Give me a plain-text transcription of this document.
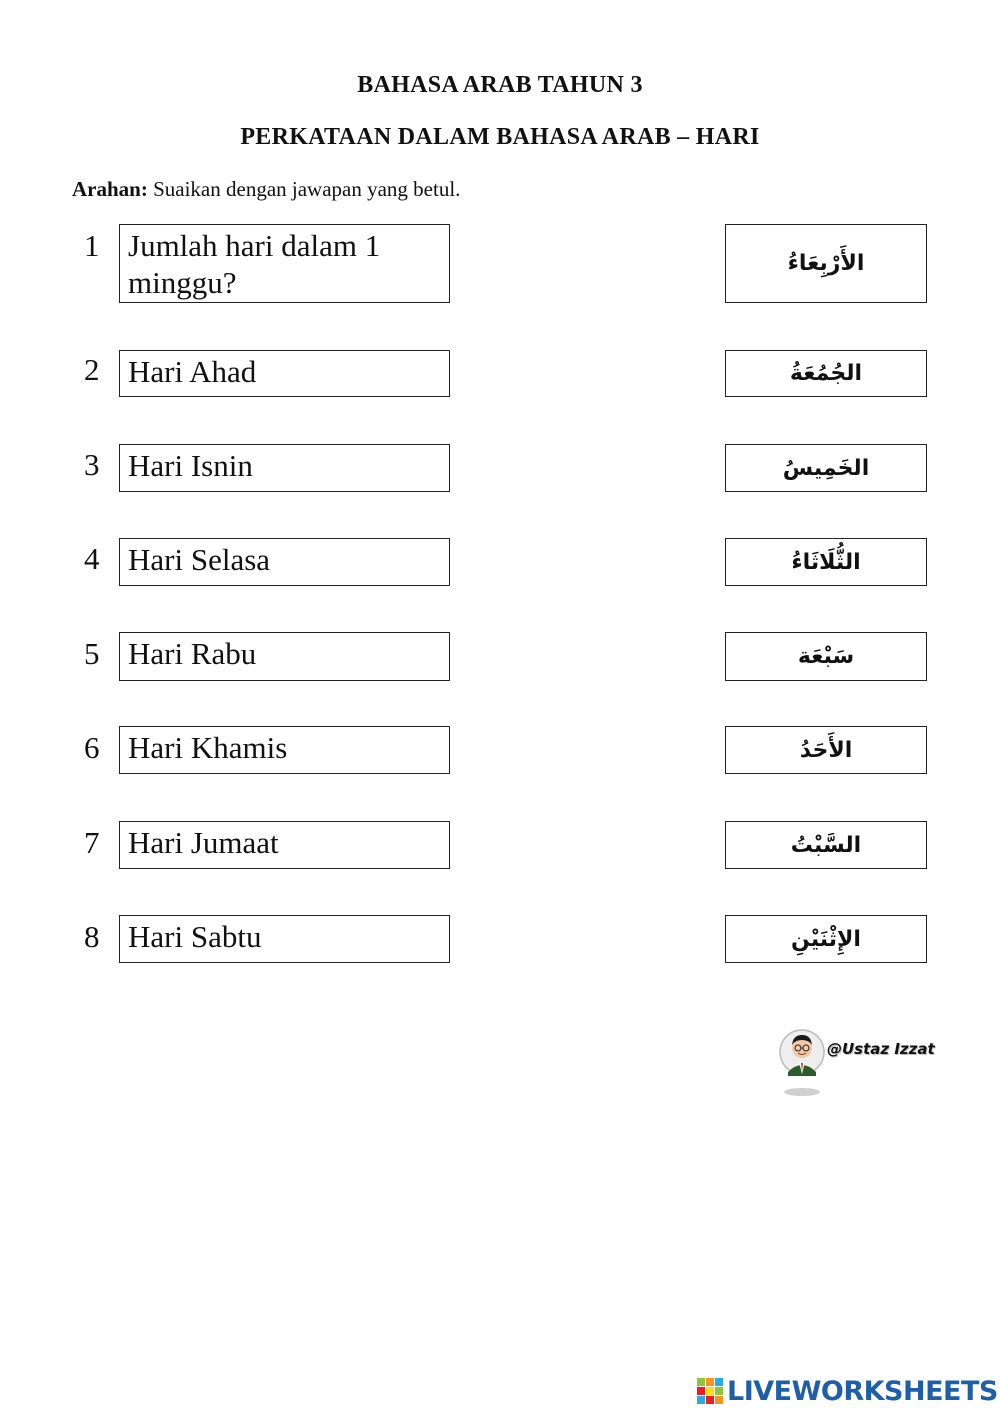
BAHASA ARAB TAHUN 3
PERKATAAN DALAM BAHASA ARAB – HARI
Arahan: Suaikan dengan jawapan yang betul.
1 Jumlah hari dalam 1 minggu?
2 Hari Ahad
3 Hari Isnin
4 Hari Selasa
5 Hari Rabu
6 Hari Khamis
7 Hari Jumaat
8 Hari Sabtu
الأَرْبِعَاءُ
الجُمُعَةُ
الخَمِيسُ
الثُّلَاثَاءُ
سَبْعَة
الأَحَدُ
السَّبْتُ
الإِثْنَيْنِ
@Ustaz Izzat
LIVEWORKSHEETS
